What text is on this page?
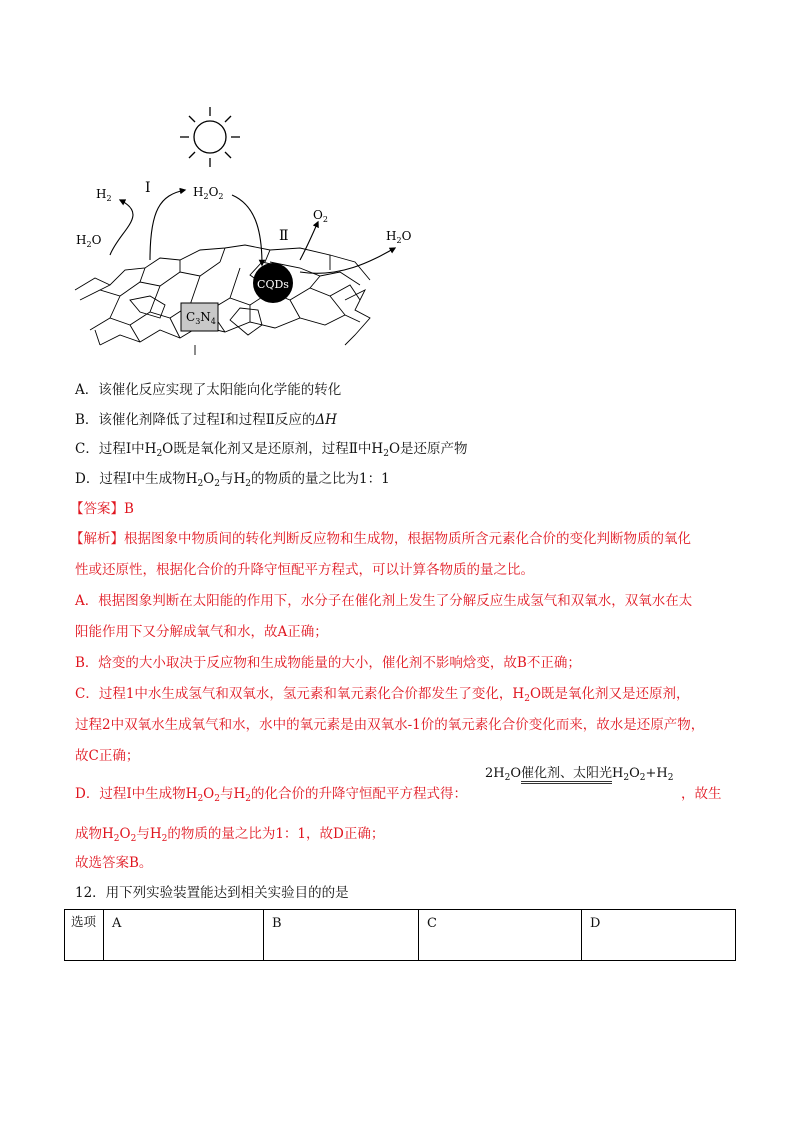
CQDs
$C_3N_4$
Ⅰ
Ⅱ
$H_2$	$H_2O_2$
$H_2O$
$O_2$
$H_2O$
A．该催化反应实现了太阳能向化学能的转化
B．该催化剂降低了过程Ⅰ和过程Ⅱ反应的ΔH
C．过程Ⅰ中$H_2O$既是氧化剂又是还原剂，过程Ⅱ中$H_2O$是还原产物
D．过程Ⅰ中生成物$H_2O_2$与$H_2$的物质的量之比为1：1
【答案】B
【解析】根据图象中物质间的转化判断反应物和生成物，根据物质所含元素化合价的变化判断物质的氧化
性或还原性，根据化合价的升降守恒配平方程式，可以计算各物质的量之比。
A．根据图象判断在太阳能的作用下，水分子在催化剂上发生了分解反应生成氢气和双氧水，双氧水在太
阳能作用下又分解成氧气和水，故A正确；
B．焓变的大小取决于反应物和生成物能量的大小，催化剂不影响焓变，故B不正确；
C．过程1中水生成氢气和双氧水，氢元素和氧元素化合价都发生了变化，$H_2O$既是氧化剂又是还原剂，
过程2中双氧水生成氧气和水，水中的氧元素是由双氧水-1价的氧元素化合价变化而来，故水是还原产物，
故C正确；
D．过程Ⅰ中生成物$H_2O_2$与$H_2$的化合价的升降守恒配平方程式得：	，故生
$2H_2O$催化剂、太阳光$H_2O_2+H_2$
成物$H_2O_2$与$H_2$的物质的量之比为1：1，故D正确；
故选答案B。
12．用下列实验装置能达到相关实验目的的是
选项	A	B	C	D
